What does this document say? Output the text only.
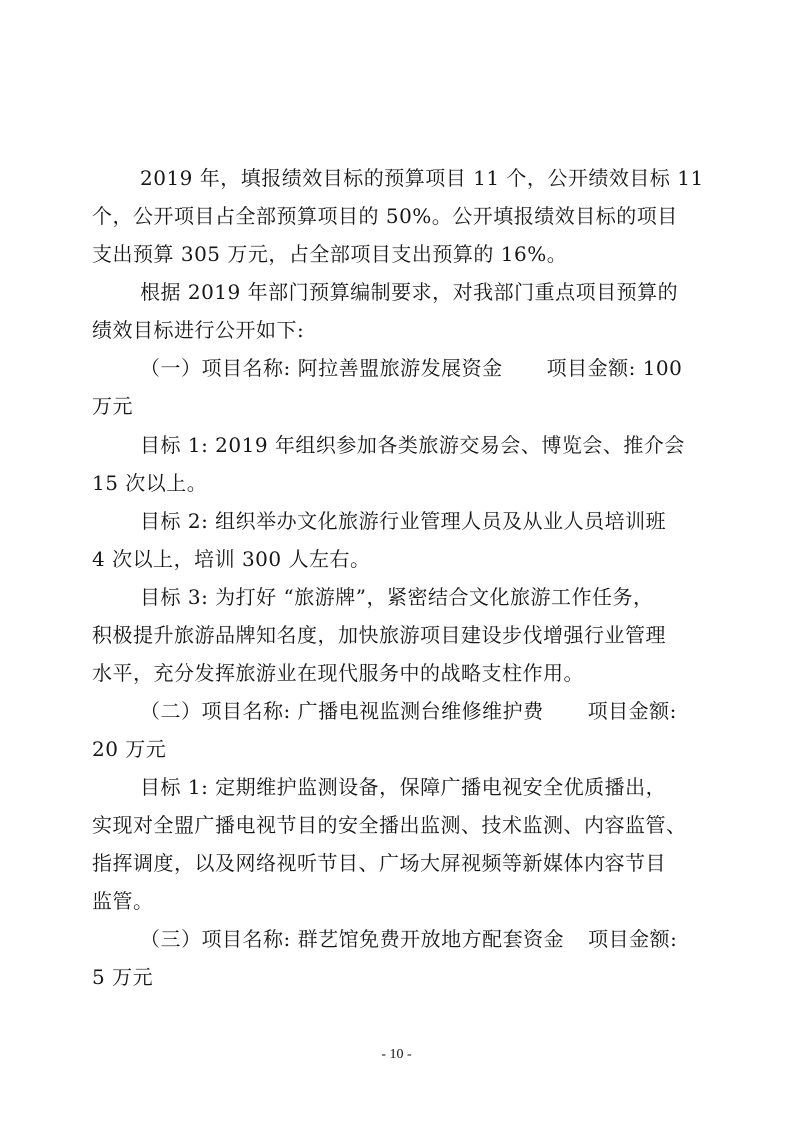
2019 年，填报绩效目标的预算项目 11 个，公开绩效目标 11
个，公开项目占全部预算项目的 50%。公开填报绩效目标的项目
支出预算 305 万元，占全部项目支出预算的 16%。
根据 2019 年部门预算编制要求，对我部门重点项目预算的
绩效目标进行公开如下:
（一）项目名称: 阿拉善盟旅游发展资金 项目金额: 100
万元
目标 1: 2019 年组织参加各类旅游交易会、博览会、推介会
15 次以上。
目标 2: 组织举办文化旅游行业管理人员及从业人员培训班
4 次以上，培训 300 人左右。
目标 3: 为打好 “旅游牌”，紧密结合文化旅游工作任务，
积极提升旅游品牌知名度，加快旅游项目建设步伐增强行业管理
水平，充分发挥旅游业在现代服务中的战略支柱作用。
（二）项目名称: 广播电视监测台维修维护费 项目金额:
20 万元
目标 1: 定期维护监测设备，保障广播电视安全优质播出，
实现对全盟广播电视节目的安全播出监测、技术监测、内容监管、
指挥调度，以及网络视听节目、广场大屏视频等新媒体内容节目
监管。
（三）项目名称: 群艺馆免费开放地方配套资金 项目金额:
5 万元
- 10 -
